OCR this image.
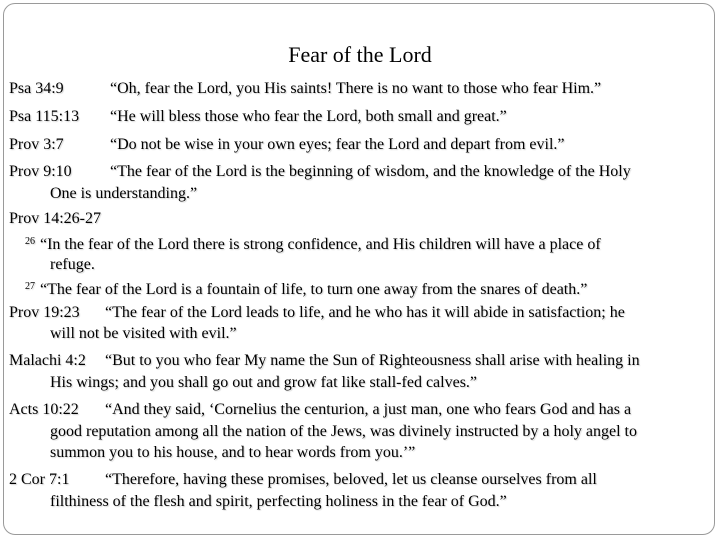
Fear of the Lord
Psa 34:9	“Oh, fear the Lord, you His saints! There is no want to those who fear Him.”
Psa 115:13 “He will bless those who fear the Lord, both small and great.”
Prov 3:7	“Do not be wise in your own eyes; fear the Lord and depart from evil.”
Prov 9:10 “The fear of the Lord is the beginning of wisdom, and the knowledge of the Holy
One is understanding.”
Prov 14:26-27
$^{26}$ “In the fear of the Lord there is strong confidence, and His children will have a place of
refuge.
$^{27}$ “The fear of the Lord is a fountain of life, to turn one away from the snares of death.”
Prov 19:23 “The fear of the Lord leads to life, and he who has it will abide in satisfaction; he
will not be visited with evil.”
Malachi 4:2 “But to you who fear My name the Sun of Righteousness shall arise with healing in
His wings; and you shall go out and grow fat like stall-fed calves.”
Acts 10:22 “And they said, ‘Cornelius the centurion, a just man, one who fears God and has a
good reputation among all the nation of the Jews, was divinely instructed by a holy angel to
summon you to his house, and to hear words from you.’”
2 Cor 7:1 “Therefore, having these promises, beloved, let us cleanse ourselves from all
filthiness of the flesh and spirit, perfecting holiness in the fear of God.”
